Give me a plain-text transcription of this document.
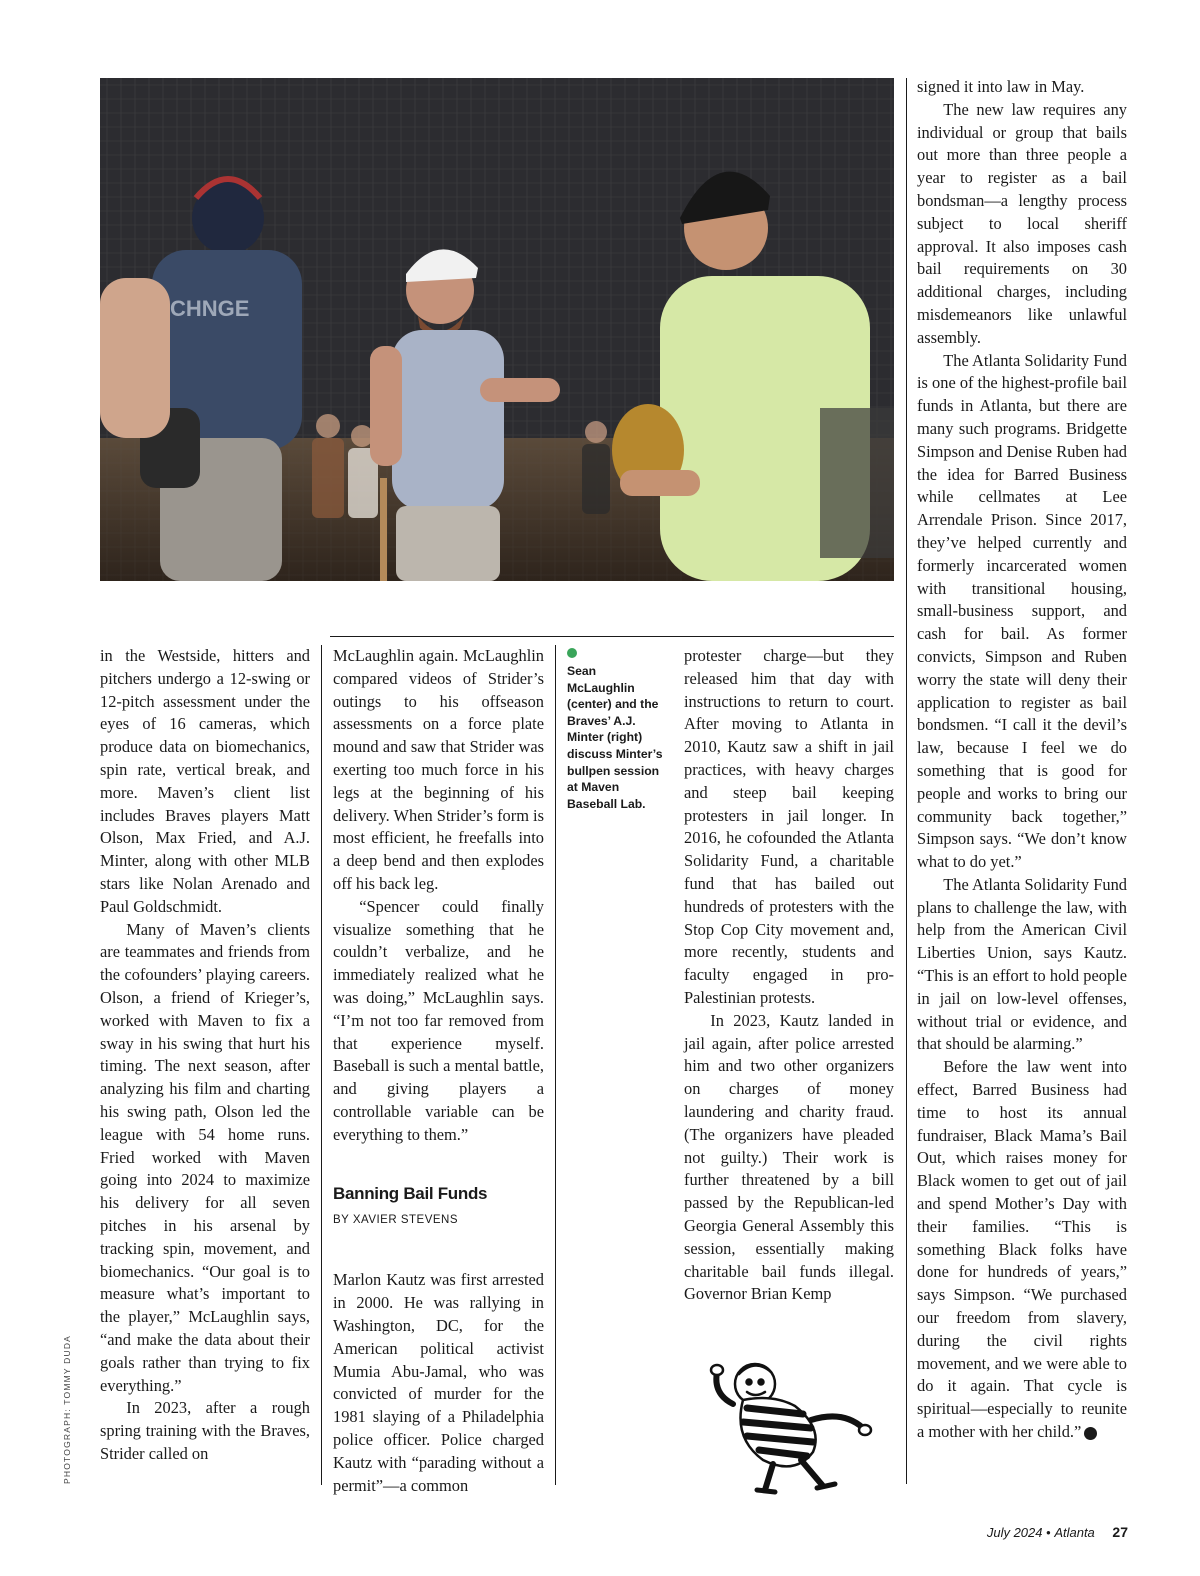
CHNGE
PHOTOGRAPH: TOMMY DUDA

in the Westside, hitters and pitchers undergo a 12-swing or 12-pitch assessment under the eyes of 16 cameras, which produce data on biomechanics, spin rate, vertical break, and more. Maven’s client list includes Braves players Matt Olson, Max Fried, and A.J. Minter, along with other MLB stars like Nolan Arenado and Paul Goldschmidt.

Many of Maven’s clients are teammates and friends from the cofounders’ playing careers. Olson, a friend of Krieger’s, worked with Maven to fix a sway in his swing that hurt his timing. The next season, after analyzing his film and charting his swing path, Olson led the league with 54 home runs. Fried worked with Maven going into 2024 to maximize his delivery for all seven pitches in his arsenal by tracking spin, movement, and biomechanics. “Our goal is to measure what’s important to the player,” McLaughlin says, “and make the data about their goals rather than trying to fix everything.”

In 2023, after a rough spring training with the Braves, Strider called on

McLaughlin again. McLaughlin compared videos of Strider’s outings to his offseason assessments on a force plate mound and saw that Strider was exerting too much force in his legs at the beginning of his delivery. When Strider’s form is most efficient, he freefalls into a deep bend and then explodes off his back leg.

“Spencer could finally visualize something that he couldn’t verbalize, and he immediately realized what he was doing,” McLaughlin says. “I’m not too far removed from that experience myself. Baseball is such a mental battle, and giving players a controllable variable can be everything to them.”

Banning Bail Funds
BY XAVIER STEVENS

Marlon Kautz was first arrested in 2000. He was rallying in Washington, DC, for the American political activist Mumia Abu-Jamal, who was convicted of murder for the 1981 slaying of a Philadelphia police officer. Police charged Kautz with “parading without a permit”—a common

Sean McLaughlin (center) and the Braves’ A.J. Minter (right) discuss Minter’s bullpen session at Maven Baseball Lab.

protester charge—but they released him that day with instructions to return to court. After moving to Atlanta in 2010, Kautz saw a shift in jail practices, with heavy charges and steep bail keeping protesters in jail longer. In 2016, he cofounded the Atlanta Solidarity Fund, a charitable fund that has bailed out hundreds of protesters with the Stop Cop City movement and, more recently, students and faculty engaged in pro-Palestinian protests.

In 2023, Kautz landed in jail again, after police arrested him and two other organizers on charges of money laundering and charity fraud. (The organizers have pleaded not guilty.) Their work is further threatened by a bill passed by the Republican-led Georgia General Assembly this session, essentially making charitable bail funds illegal. Governor Brian Kemp

signed it into law in May.

The new law requires any individual or group that bails out more than three people a year to register as a bail bondsman—a lengthy process subject to local sheriff approval. It also imposes cash bail requirements on 30 additional charges, including misdemeanors like unlawful assembly.

The Atlanta Solidarity Fund is one of the highest-profile bail funds in Atlanta, but there are many such programs. Bridgette Simpson and Denise Ruben had the idea for Barred Business while cellmates at Lee Arrendale Prison. Since 2017, they’ve helped currently and formerly incarcerated women with transitional housing, small-business support, and cash for bail. As former convicts, Simpson and Ruben worry the state will deny their application to register as bail bondsmen. “I call it the devil’s law, because I feel we do something that is good for people and works to bring our community back together,” Simpson says. “We don’t know what to do yet.”

The Atlanta Solidarity Fund plans to challenge the law, with help from the American Civil Liberties Union, says Kautz. “This is an effort to hold people in jail on low-level offenses, without trial or evidence, and that should be alarming.”

Before the law went into effect, Barred Business had time to host its annual fundraiser, Black Mama’s Bail Out, which raises money for Black women to get out of jail and spend Mother’s Day with their families. “This is something Black folks have done for hundreds of years,” says Simpson. “We purchased our freedom from slavery, during the civil rights movement, and we were able to do it again. That cycle is spiritual—especially to reunite a mother with her child.”	A

July 2024 • Atlanta 27
